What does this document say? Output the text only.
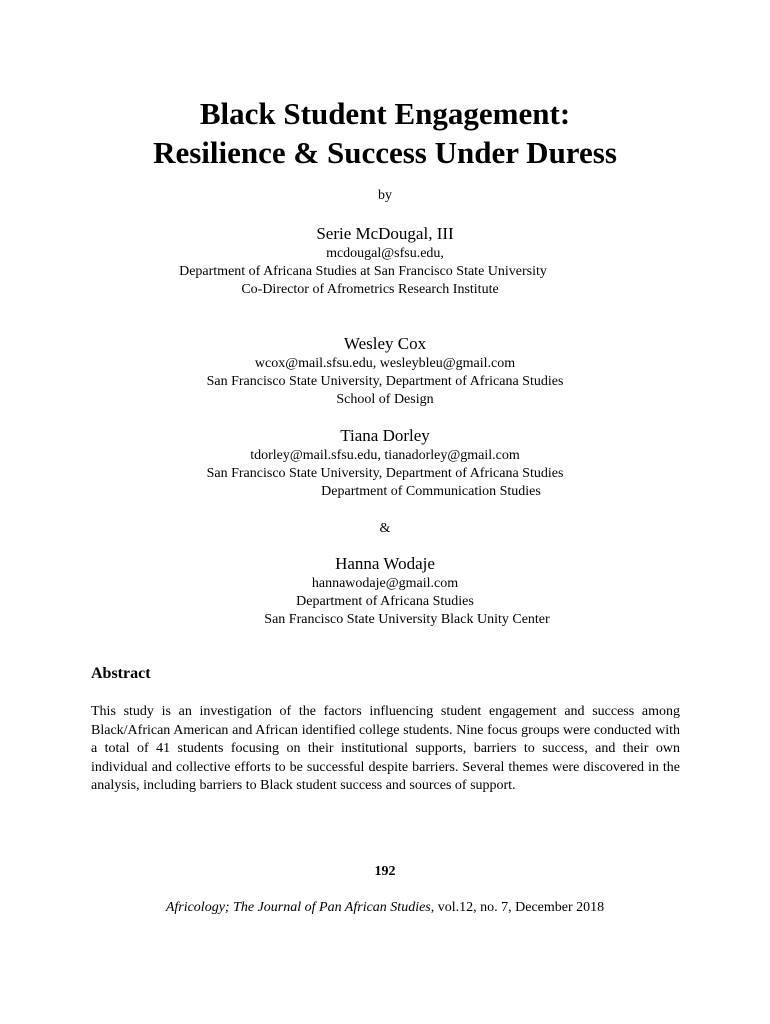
Black Student Engagement:
Resilience & Success Under Duress
by
Serie McDougal, III
mcdougal@sfsu.edu,
Department of Africana Studies at San Francisco State University
Co-Director of Afrometrics Research Institute
Wesley Cox
wcox@mail.sfsu.edu, wesleybleu@gmail.com
San Francisco State University, Department of Africana Studies
School of Design
Tiana Dorley
tdorley@mail.sfsu.edu, tianadorley@gmail.com
San Francisco State University, Department of Africana Studies
Department of Communication Studies
&
Hanna Wodaje
hannawodaje@gmail.com
Department of Africana Studies
San Francisco State University Black Unity Center
Abstract
This study is an investigation of the factors influencing student engagement and success among Black/African American and African identified college students. Nine focus groups were conducted with a total of 41 students focusing on their institutional supports, barriers to success, and their own individual and collective efforts to be successful despite barriers. Several themes were discovered in the analysis, including barriers to Black student success and sources of support.
192
Africology; The Journal of Pan African Studies, vol.12, no. 7, December 2018
